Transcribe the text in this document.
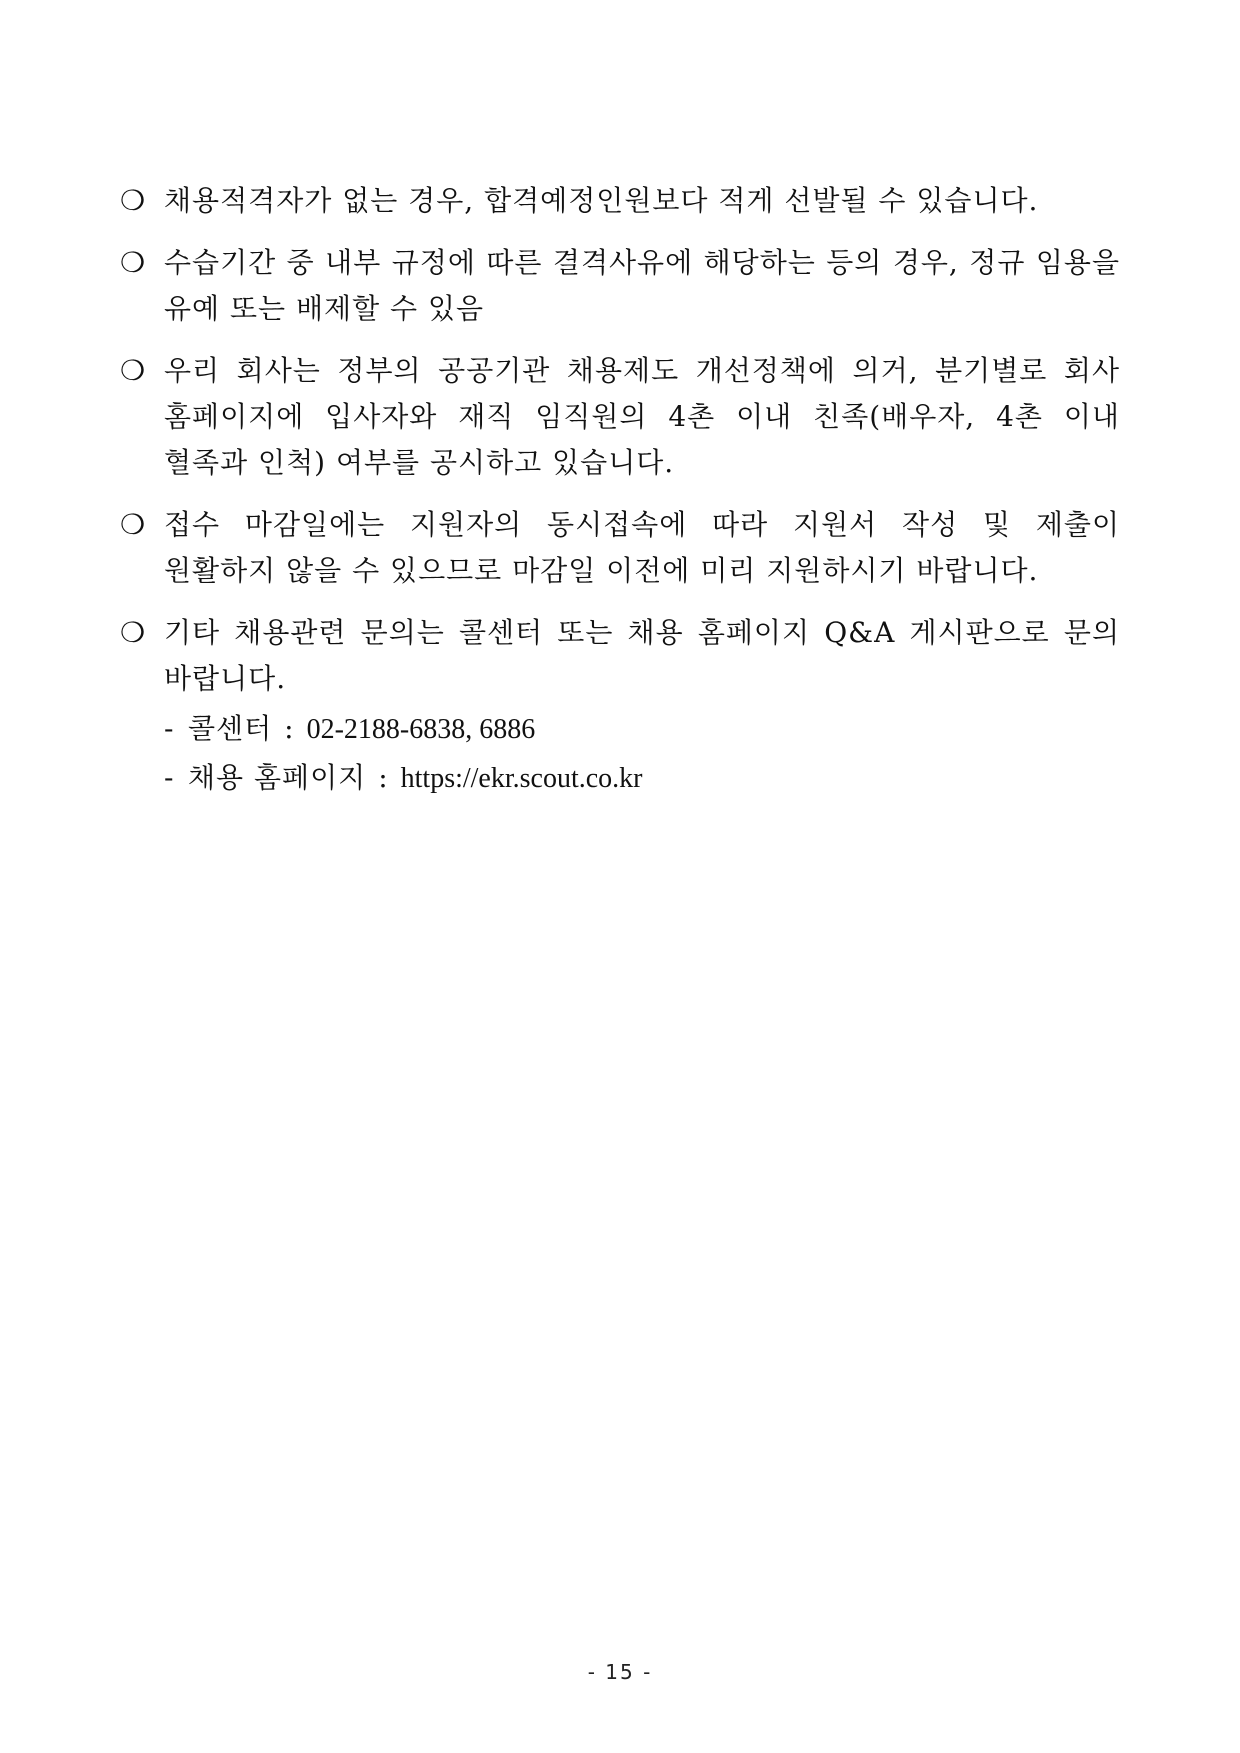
❍ 채용적격자가 없는 경우, 합격예정인원보다 적게 선발될 수 있습니다.
❍ 수습기간 중 내부 규정에 따른 결격사유에 해당하는 등의 경우, 정규 임용을 유예 또는 배제할 수 있음
❍ 우리 회사는 정부의 공공기관 채용제도 개선정책에 의거, 분기별로 회사 홈페이지에 입사자와 재직 임직원의 4촌 이내 친족(배우자, 4촌 이내 혈족과 인척) 여부를 공시하고 있습니다.
❍ 접수 마감일에는 지원자의 동시접속에 따라 지원서 작성 및 제출이 원활하지 않을 수 있으므로 마감일 이전에 미리 지원하시기 바랍니다.
❍ 기타 채용관련 문의는 콜센터 또는 채용 홈페이지 Q&A 게시판으로 문의 바랍니다.
- 콜센터 : 02-2188-6838, 6886
- 채용 홈페이지 : https://ekr.scout.co.kr
- 15 -
